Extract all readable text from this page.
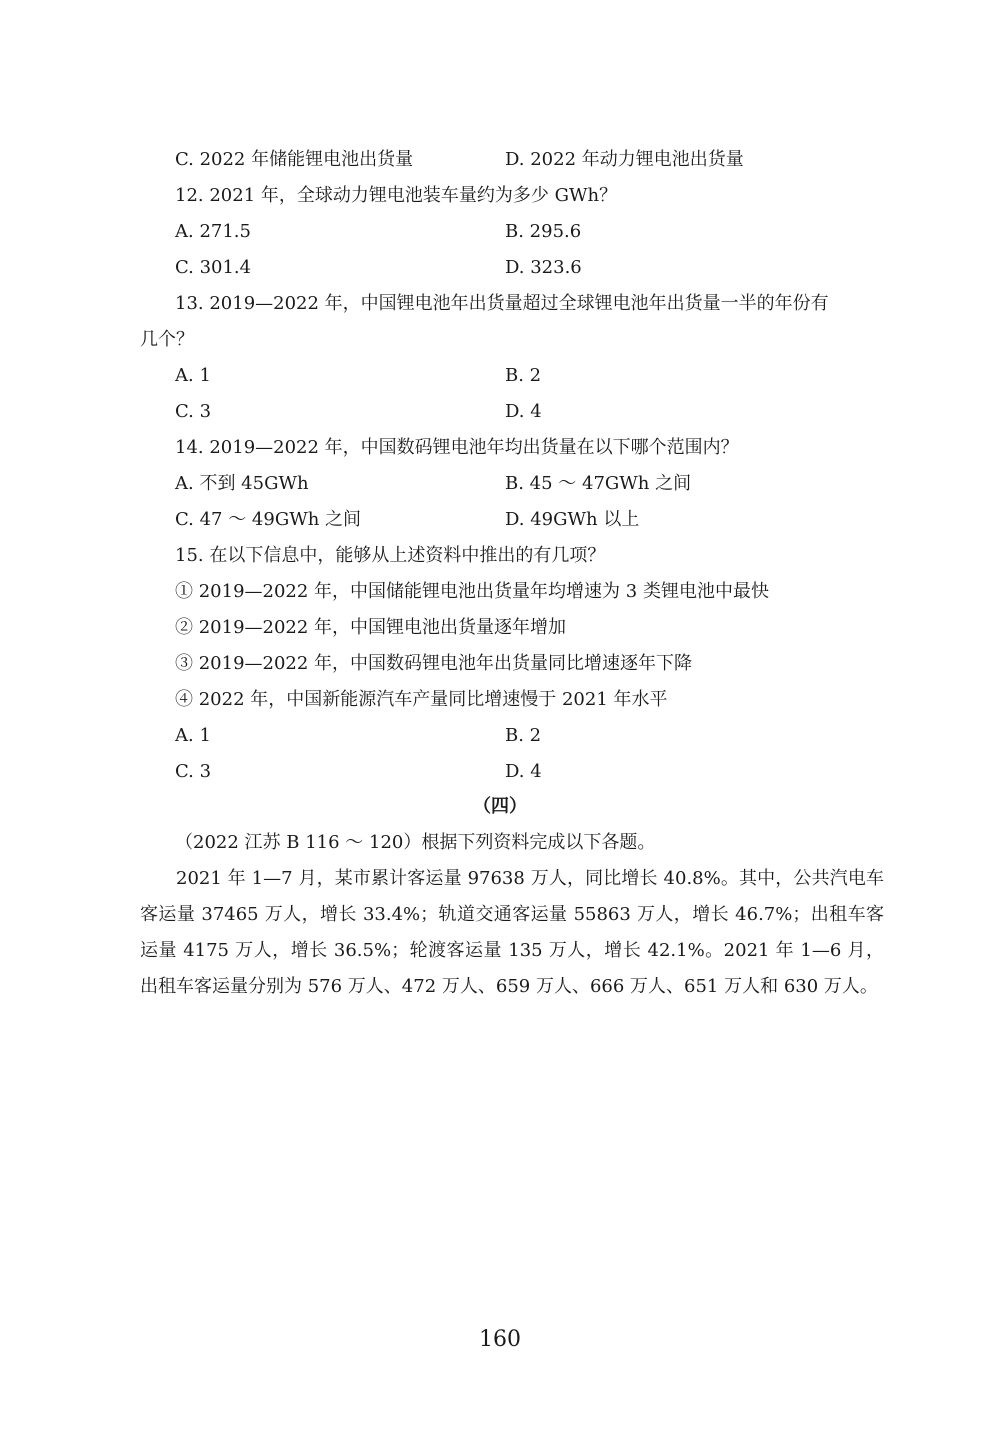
C. 2022 年储能锂电池出货量	D. 2022 年动力锂电池出货量
12. 2021 年，全球动力锂电池装车量约为多少 GWh？
A. 271.5	B. 295.6
C. 301.4	D. 323.6
13. 2019—2022 年，中国锂电池年出货量超过全球锂电池年出货量一半的年份有
几个？
A. 1	B. 2
C. 3	D. 4
14. 2019—2022 年，中国数码锂电池年均出货量在以下哪个范围内？
A. 不到 45GWh	B. 45 ～ 47GWh 之间
C. 47 ～ 49GWh 之间	D. 49GWh 以上
15. 在以下信息中，能够从上述资料中推出的有几项？
① 2019—2022 年，中国储能锂电池出货量年均增速为 3 类锂电池中最快
② 2019—2022 年，中国锂电池出货量逐年增加
③ 2019—2022 年，中国数码锂电池年出货量同比增速逐年下降
④ 2022 年，中国新能源汽车产量同比增速慢于 2021 年水平
A. 1	B. 2
C. 3	D. 4
（四）
（2022 江苏 B 116 ～ 120）根据下列资料完成以下各题。
2021 年 1—7 月，某市累计客运量 97638 万人，同比增长 40.8%。其中，公共汽电车客运量 37465 万人，增长 33.4%；轨道交通客运量 55863 万人，增长 46.7%；出租车客运量 4175 万人，增长 36.5%；轮渡客运量 135 万人，增长 42.1%。2021 年 1—6 月，出租车客运量分别为 576 万人、472 万人、659 万人、666 万人、651 万人和 630 万人。
160
